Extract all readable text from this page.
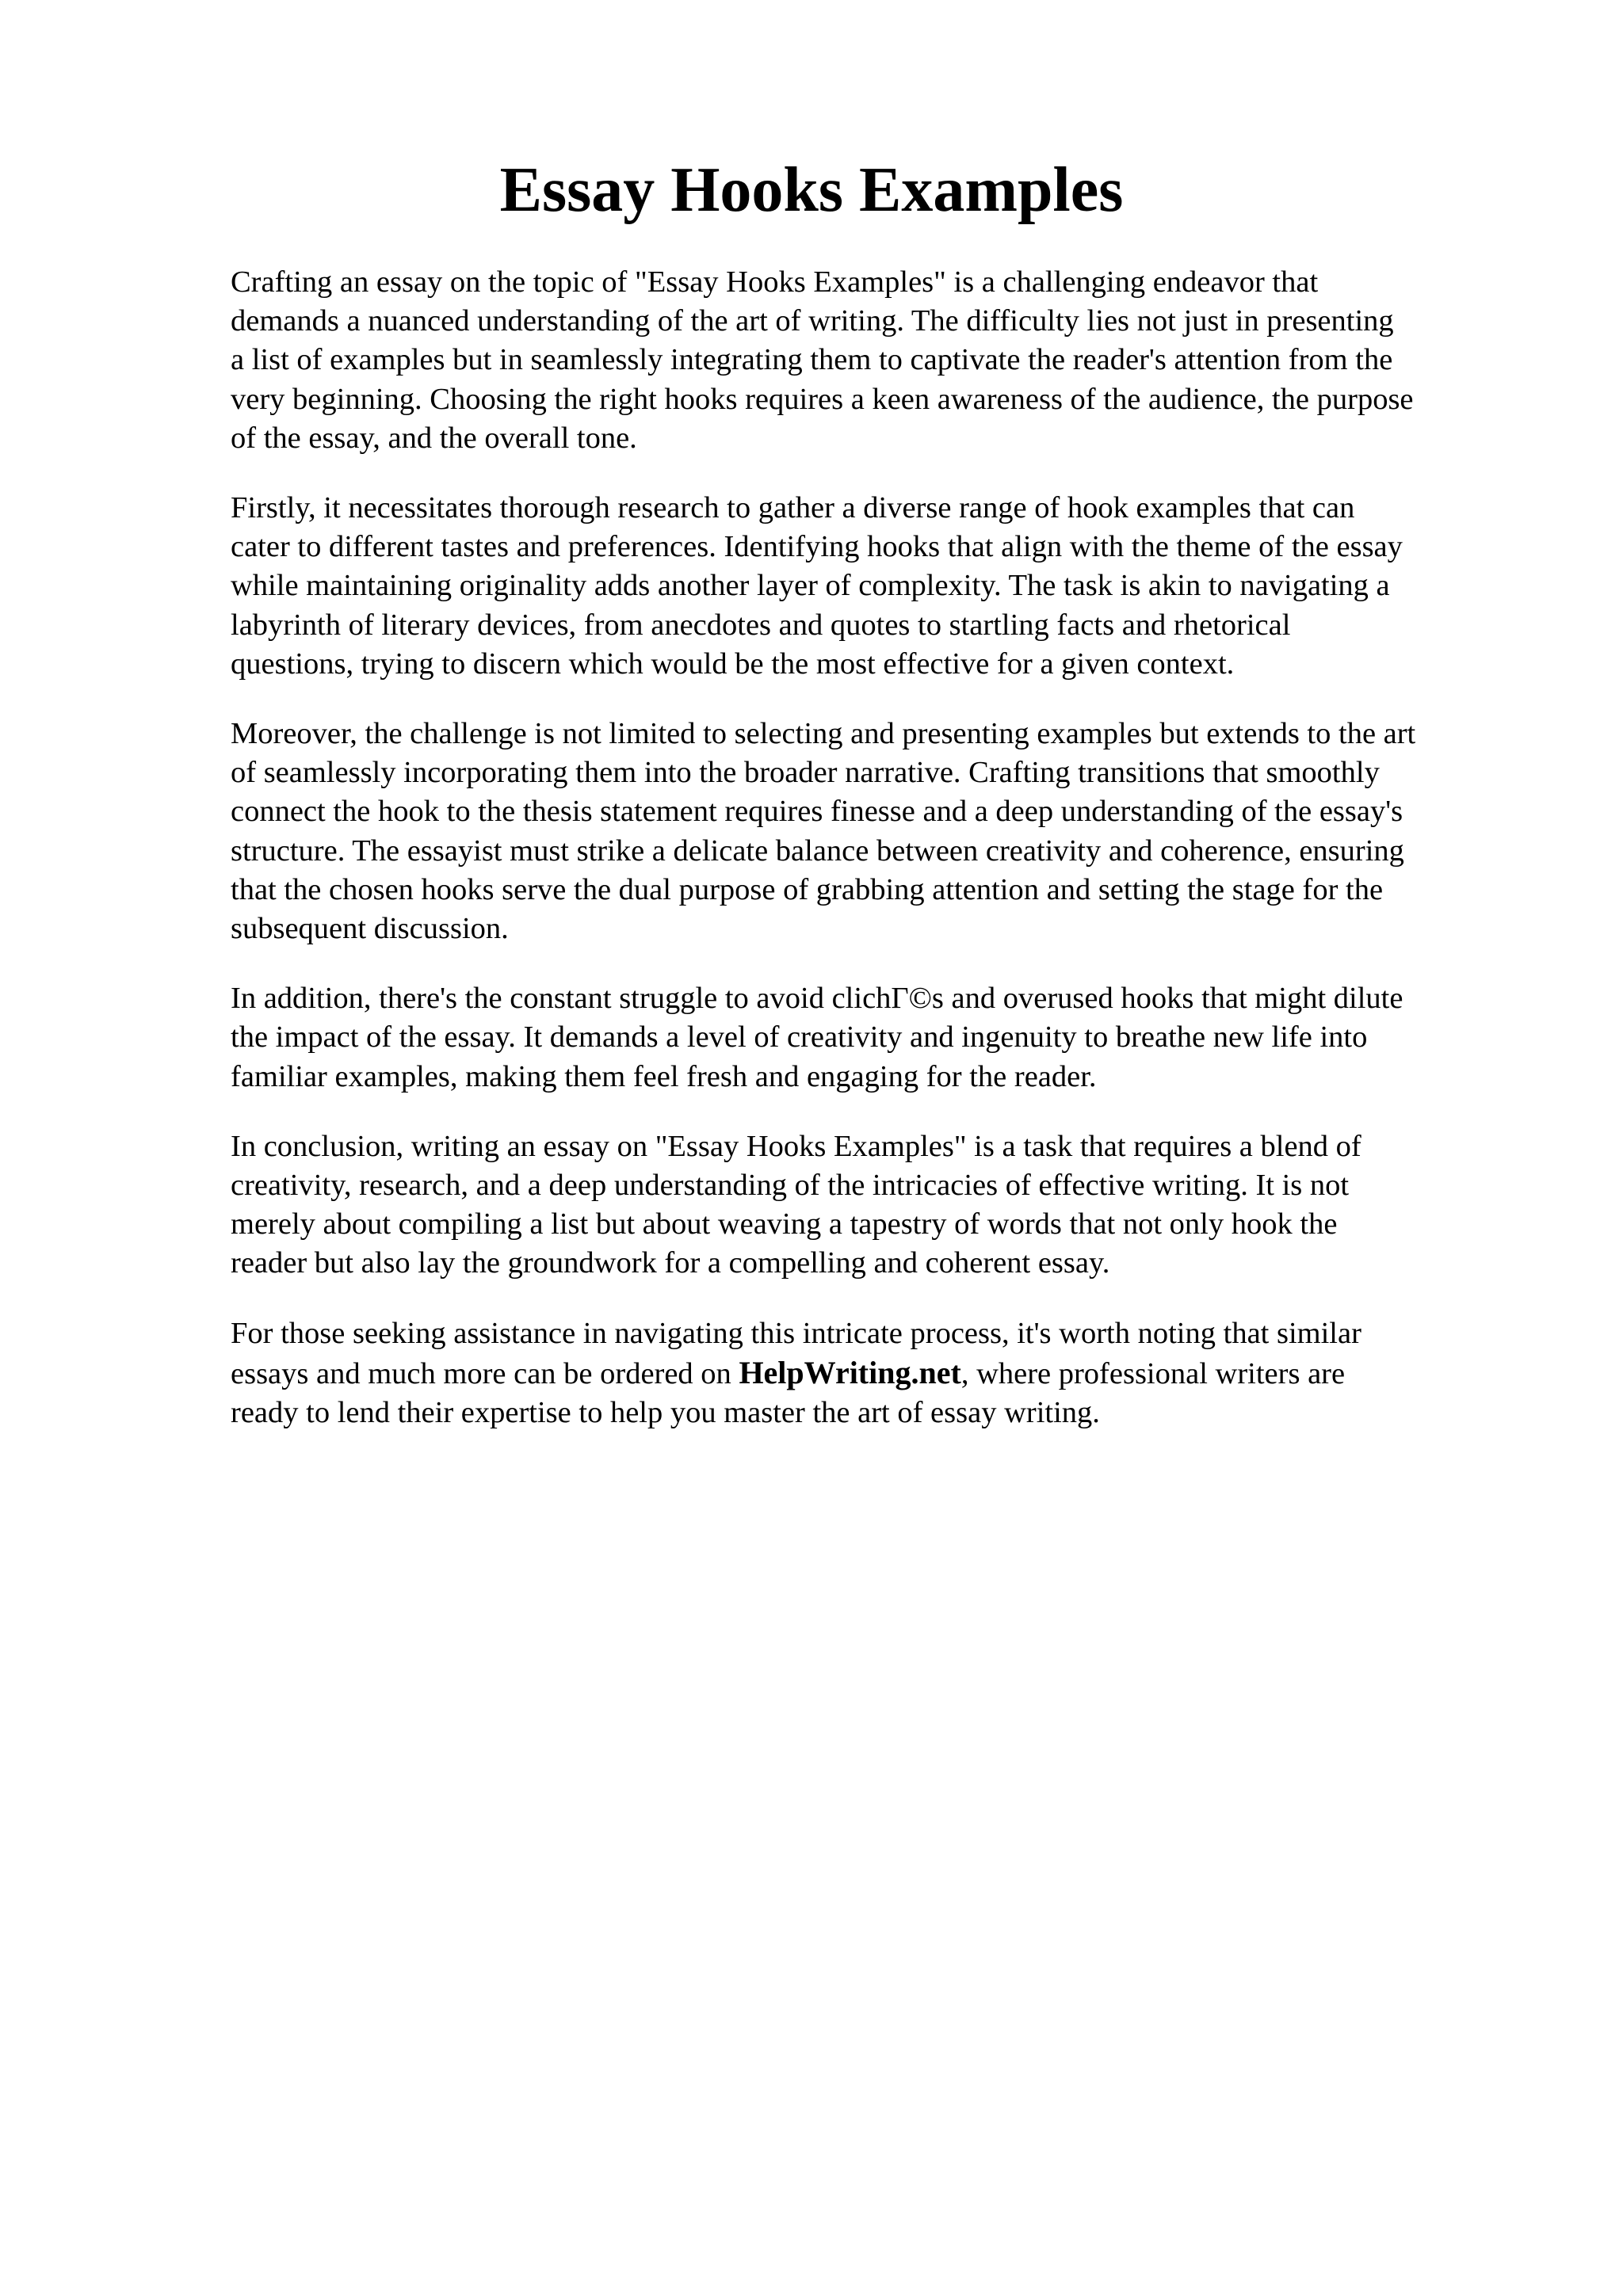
Essay Hooks Examples

Crafting an essay on the topic of "Essay Hooks Examples" is a challenging endeavor that
demands a nuanced understanding of the art of writing. The difficulty lies not just in presenting
a list of examples but in seamlessly integrating them to captivate the reader's attention from the
very beginning. Choosing the right hooks requires a keen awareness of the audience, the purpose
of the essay, and the overall tone.

Firstly, it necessitates thorough research to gather a diverse range of hook examples that can
cater to different tastes and preferences. Identifying hooks that align with the theme of the essay
while maintaining originality adds another layer of complexity. The task is akin to navigating a
labyrinth of literary devices, from anecdotes and quotes to startling facts and rhetorical
questions, trying to discern which would be the most effective for a given context.

Moreover, the challenge is not limited to selecting and presenting examples but extends to the art
of seamlessly incorporating them into the broader narrative. Crafting transitions that smoothly
connect the hook to the thesis statement requires finesse and a deep understanding of the essay's
structure. The essayist must strike a delicate balance between creativity and coherence, ensuring
that the chosen hooks serve the dual purpose of grabbing attention and setting the stage for the
subsequent discussion.

In addition, there's the constant struggle to avoid clichΓ©s and overused hooks that might dilute
the impact of the essay. It demands a level of creativity and ingenuity to breathe new life into
familiar examples, making them feel fresh and engaging for the reader.

In conclusion, writing an essay on "Essay Hooks Examples" is a task that requires a blend of
creativity, research, and a deep understanding of the intricacies of effective writing. It is not
merely about compiling a list but about weaving a tapestry of words that not only hook the
reader but also lay the groundwork for a compelling and coherent essay.

For those seeking assistance in navigating this intricate process, it's worth noting that similar
essays and much more can be ordered on HelpWriting.net, where professional writers are
ready to lend their expertise to help you master the art of essay writing.
